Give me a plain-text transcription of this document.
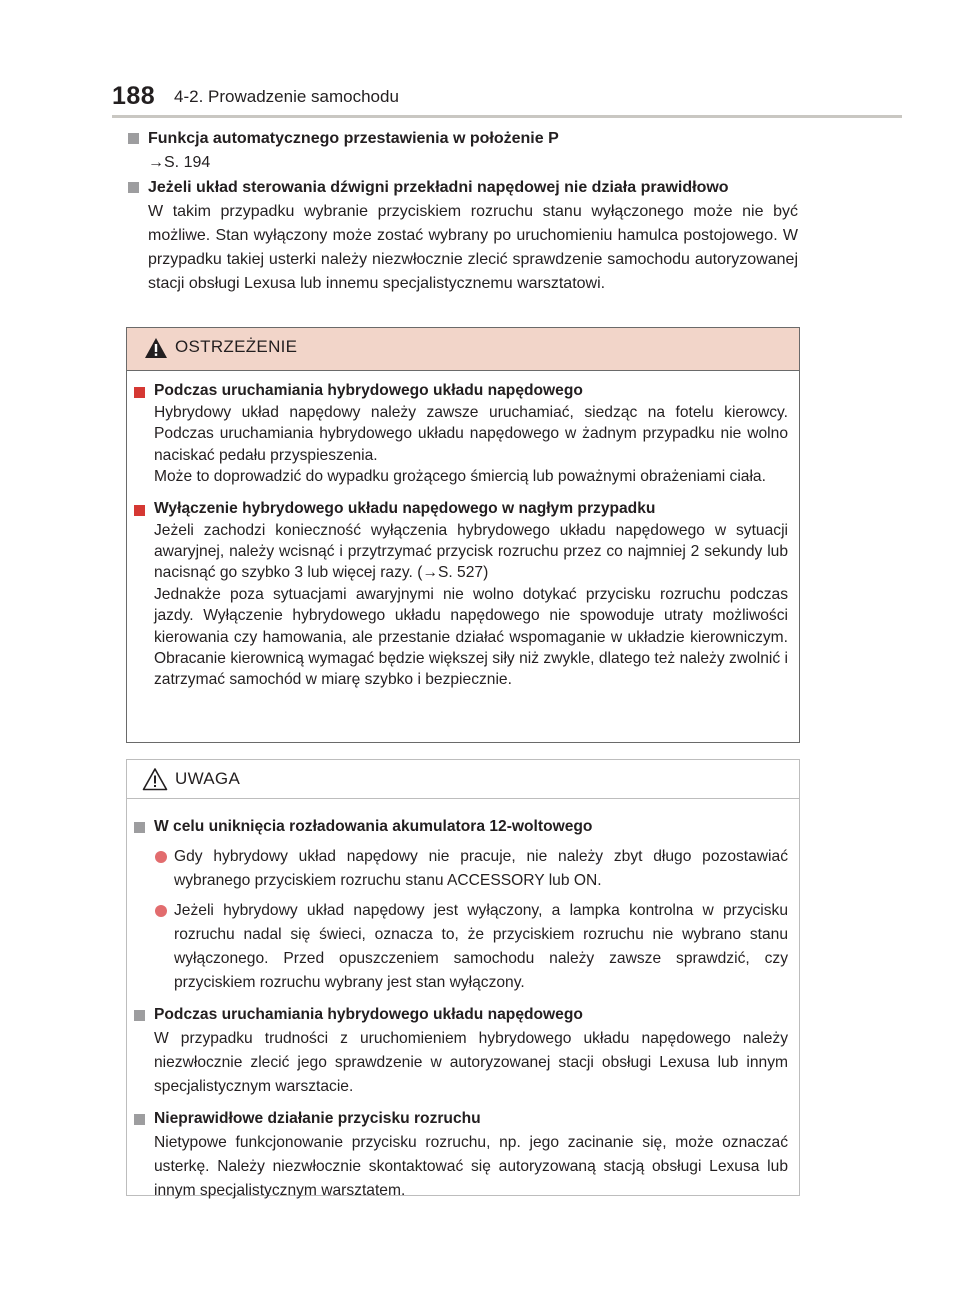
188 4-2. Prowadzenie samochodu
Funkcja automatycznego przestawienia w położenie P
→S. 194
Jeżeli układ sterowania dźwigni przekładni napędowej nie działa prawidłowo
W takim przypadku wybranie przyciskiem rozruchu stanu wyłączonego może nie być możliwe. Stan wyłączony może zostać wybrany po uruchomieniu hamulca postojowego. W przypadku takiej usterki należy niezwłocznie zlecić sprawdzenie samochodu autoryzowanej stacji obsługi Lexusa lub innemu specjalistycznemu warsztatowi.
OSTRZEŻENIE
Podczas uruchamiania hybrydowego układu napędowego
Hybrydowy układ napędowy należy zawsze uruchamiać, siedząc na fotelu kierowcy. Podczas uruchamiania hybrydowego układu napędowego w żadnym przypadku nie wolno naciskać pedału przyspieszenia.
Może to doprowadzić do wypadku grożącego śmiercią lub poważnymi obrażeniami ciała.
Wyłączenie hybrydowego układu napędowego w nagłym przypadku
Jeżeli zachodzi konieczność wyłączenia hybrydowego układu napędowego w sytuacji awaryjnej, należy wcisnąć i przytrzymać przycisk rozruchu przez co najmniej 2 sekundy lub nacisnąć go szybko 3 lub więcej razy. (→S. 527)
Jednakże poza sytuacjami awaryjnymi nie wolno dotykać przycisku rozruchu podczas jazdy. Wyłączenie hybrydowego układu napędowego nie spowoduje utraty możliwości kierowania czy hamowania, ale przestanie działać wspomaganie w układzie kierowniczym. Obracanie kierownicą wymagać będzie większej siły niż zwykle, dlatego też należy zwolnić i zatrzymać samochód w miarę szybko i bezpiecznie.
UWAGA
W celu uniknięcia rozładowania akumulatora 12-woltowego
Gdy hybrydowy układ napędowy nie pracuje, nie należy zbyt długo pozostawiać wybranego przyciskiem rozruchu stanu ACCESSORY lub ON.
Jeżeli hybrydowy układ napędowy jest wyłączony, a lampka kontrolna w przycisku rozruchu nadal się świeci, oznacza to, że przyciskiem rozruchu nie wybrano stanu wyłączonego. Przed opuszczeniem samochodu należy zawsze sprawdzić, czy przyciskiem rozruchu wybrany jest stan wyłączony.
Podczas uruchamiania hybrydowego układu napędowego
W przypadku trudności z uruchomieniem hybrydowego układu napędowego należy niezwłocznie zlecić jego sprawdzenie w autoryzowanej stacji obsługi Lexusa lub innym specjalistycznym warsztacie.
Nieprawidłowe działanie przycisku rozruchu
Nietypowe funkcjonowanie przycisku rozruchu, np. jego zacinanie się, może oznaczać usterkę. Należy niezwłocznie skontaktować się autoryzowaną stacją obsługi Lexusa lub innym specjalistycznym warsztatem.
